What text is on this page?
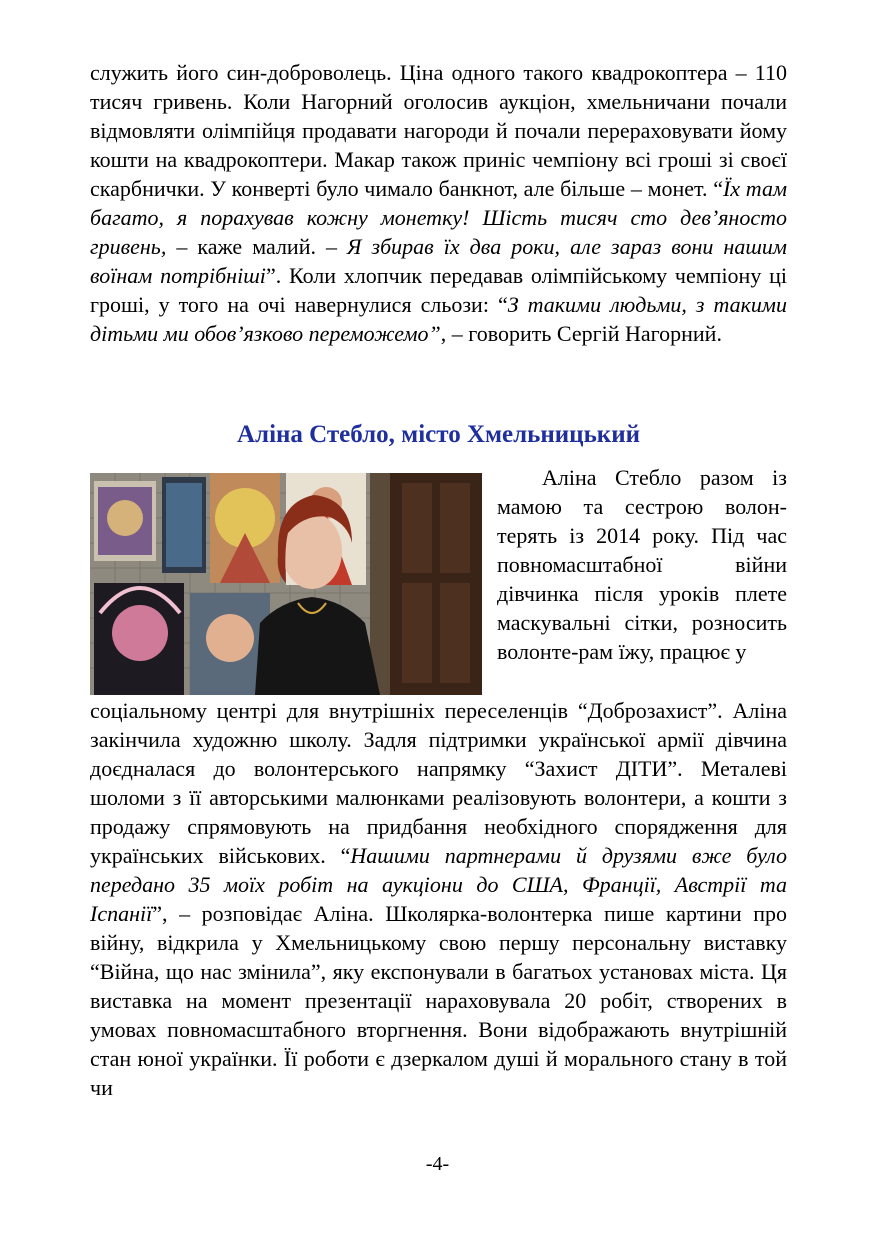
служить його син-доброволець. Ціна одного такого квадрокоптера – 110 тисяч гривень. Коли Нагорний оголосив аукціон, хмельничани почали відмовляти олімпійця продавати нагороди й почали перераховувати йому кошти на квадрокоптери. Макар також приніс чемпіону всі гроші зі своєї скарбнички. У конверті було чимало банкнот, але більше – монет. “Їх там багато, я порахував кожну монетку! Шість тисяч сто дев’яносто гривень, – каже малий. – Я збирав їх два роки, але зараз вони нашим воїнам потрібніші”. Коли хлопчик передавав олімпійському чемпіону ці гроші, у того на очі навернулися сльози: “З такими людьми, з такими дітьми ми обов’язково переможемо”, – говорить Сергій Нагорний.

Аліна Стебло, місто Хмельницький

Аліна Стебло разом із мамою та сестрою волон-терять із 2014 року. Під час повномасштабної війни дівчинка після уроків плете маскувальні сітки, розносить волонте-рам їжу, працює у

соціальному центрі для внутрішніх переселенців “Доброзахист”. Аліна закінчила художню школу. Задля підтримки української армії дівчина доєдналася до волонтерського напрямку “Захист ДІТИ”. Металеві шоломи з її авторськими малюнками реалізовують волонтери, а кошти з продажу спрямовують на придбання необхідного спорядження для українських військових. “Нашими партнерами й друзями вже було передано 35 моїх робіт на аукціони до США, Франції, Австрії та Іспанії”, – розповідає Аліна. Школярка-волонтерка пише картини про війну, відкрила у Хмельницькому свою першу персональну виставку “Війна, що нас змінила”, яку експонували в багатьох установах міста. Ця виставка на момент презентації нараховувала 20 робіт, створених в умовах повномасштабного вторгнення. Вони відображають внутрішній стан юної українки. Її роботи є дзеркалом душі й морального стану в той чи

-4-
